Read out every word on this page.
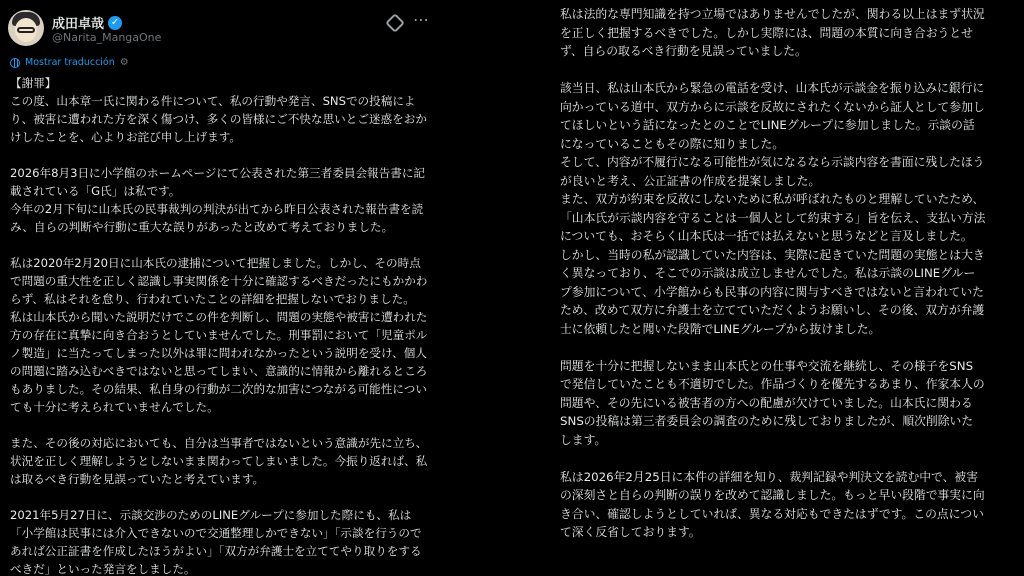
成田卓哉 ✓
@Narita_MangaOne
⋯
Mostrar traducción ⚙
【謝罪】
この度、山本章一氏に関わる件について、私の行動や発言、SNSでの投稿によ
り、被害に遭われた方を深く傷つけ、多くの皆様にご不快な思いとご迷惑をおか
けしたことを、心よりお詫び申し上げます。
2026年8月3日に小学館のホームページにて公表された第三者委員会報告書に記
載されている「G氏」は私です。
今年の2月下旬に山本氏の民事裁判の判決が出てから昨日公表された報告書を読
み、自らの判断や行動に重大な誤りがあったと改めて考えておりました。
私は2020年2月20日に山本氏の逮捕について把握しました。しかし、その時点
で問題の重大性を正しく認識し事実関係を十分に確認するべきだったにもかかわ
らず、私はそれを怠り、行われていたことの詳細を把握しないでおりました。
私は山本氏から聞いた説明だけでこの件を判断し、問題の実態や被害に遭われた
方の存在に真摯に向き合おうとしていませんでした。刑事罰において「児童ポル
ノ製造」に当たってしまった以外は罪に問われなかったという説明を受け、個人
の問題に踏み込むべきではないと思ってしまい、意識的に情報から離れるところ
もありました。その結果、私自身の行動が二次的な加害につながる可能性につい
ても十分に考えられていませんでした。
また、その後の対応においても、自分は当事者ではないという意識が先に立ち、
状況を正しく理解しようとしないまま関わってしまいました。今振り返れば、私
は取るべき行動を見誤っていたと考えています。
2021年5月27日に、示談交渉のためのLINEグループに参加した際にも、私は
「小学館は民事には介入できないので交通整理しかできない」「示談を行うので
あれば公正証書を作成したほうがよい」「双方が弁護士を立ててやり取りをする
べきだ」といった発言をしました。
私は法的な専門知識を持つ立場ではありませんでしたが、関わる以上はまず状況
を正しく把握するべきでした。しかし実際には、問題の本質に向き合おうとせ
ず、自らの取るべき行動を見誤っていました。
該当日、私は山本氏から緊急の電話を受け、山本氏が示談金を振り込みに銀行に
向かっている道中、双方からに示談を反故にされたくないから証人として参加し
てほしいという話になったとのことでLINEグループに参加しました。示談の話
になっていることもその際に知りました。
そして、内容が不履行になる可能性が気になるなら示談内容を書面に残したほう
が良いと考え、公正証書の作成を提案しました。
また、双方が約束を反故にしないために私が呼ばれたものと理解していたため、
「山本氏が示談内容を守ることは一個人として約束する」旨を伝え、支払い方法
についても、おそらく山本氏は一括では払えないと思うなどと言及しました。
しかし、当時の私が認識していた内容は、実際に起きていた問題の実態とは大き
く異なっており、そこでの示談は成立しませんでした。私は示談のLINEグルー
プ参加について、小学館からも民事の内容に関与すべきではないと言われていた
ため、改めて双方に弁護士を立てていただくようお願いし、その後、双方が弁護
士に依頼したと聞いた段階でLINEグループから抜けました。
問題を十分に把握しないまま山本氏との仕事や交流を継続し、その様子をSNS
で発信していたことも不適切でした。作品づくりを優先するあまり、作家本人の
問題や、その先にいる被害者の方への配慮が欠けていました。山本氏に関わる
SNSの投稿は第三者委員会の調査のために残しておりましたが、順次削除いた
します。
私は2026年2月25日に本件の詳細を知り、裁判記録や判決文を読む中で、被害
の深刻さと自らの判断の誤りを改めて認識しました。もっと早い段階で事実に向
き合い、確認しようとしていれば、異なる対応もできたはずです。この点につい
て深く反省しております。
